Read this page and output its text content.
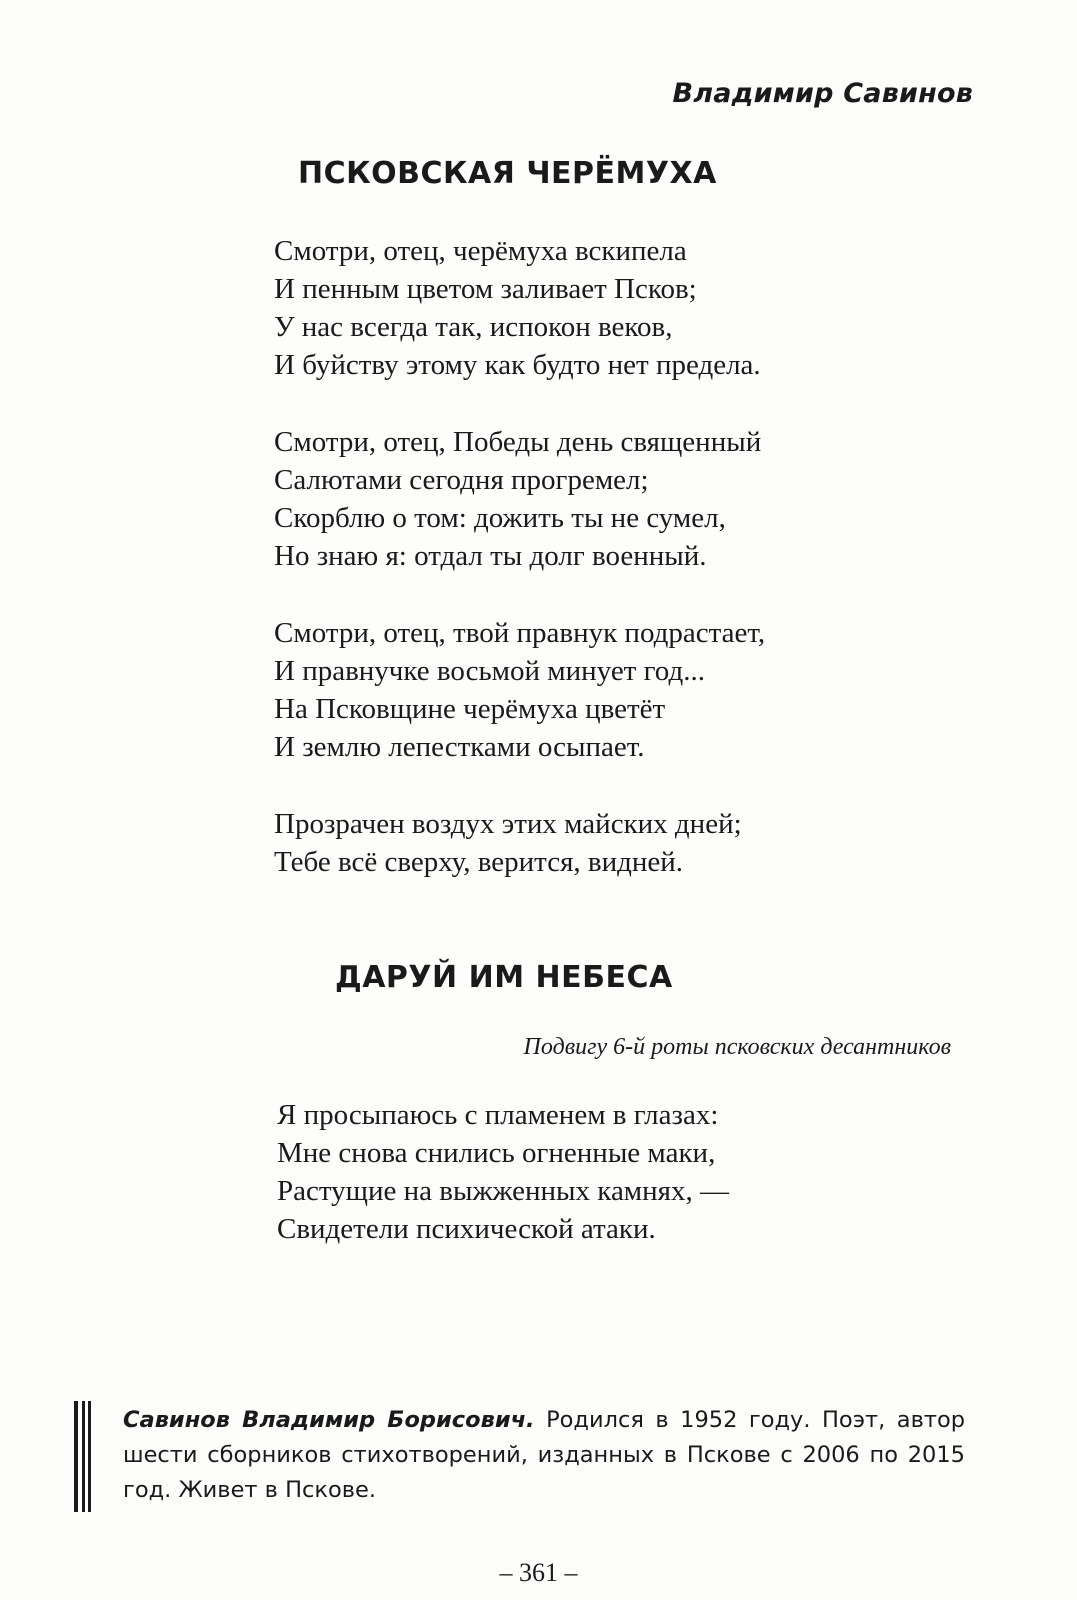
Владимир Савинов
ПСКОВСКАЯ ЧЕРЁМУХА
Смотри, отец, черёмуха вскипела
И пенным цветом заливает Псков;
У нас всегда так, испокон веков,
И буйству этому как будто нет предела.
Смотри, отец, Победы день священный
Салютами сегодня прогремел;
Скорблю о том: дожить ты не сумел,
Но знаю я: отдал ты долг военный.
Смотри, отец, твой правнук подрастает,
И правнучке восьмой минует год...
На Псковщине черёмуха цветёт
И землю лепестками осыпает.
Прозрачен воздух этих майских дней;
Тебе всё сверху, верится, видней.
ДАРУЙ ИМ НЕБЕСА
Подвигу 6-й роты псковских десантников
Я просыпаюсь с пламенем в глазах:
Мне снова снились огненные маки,
Растущие на выжженных камнях, —
Свидетели психической атаки.
Савинов Владимир Борисович. Родился в 1952 году. Поэт, автор шести сборников стихотворений, изданных в Пскове с 2006 по 2015 год. Живет в Пскове.
– 361 –
